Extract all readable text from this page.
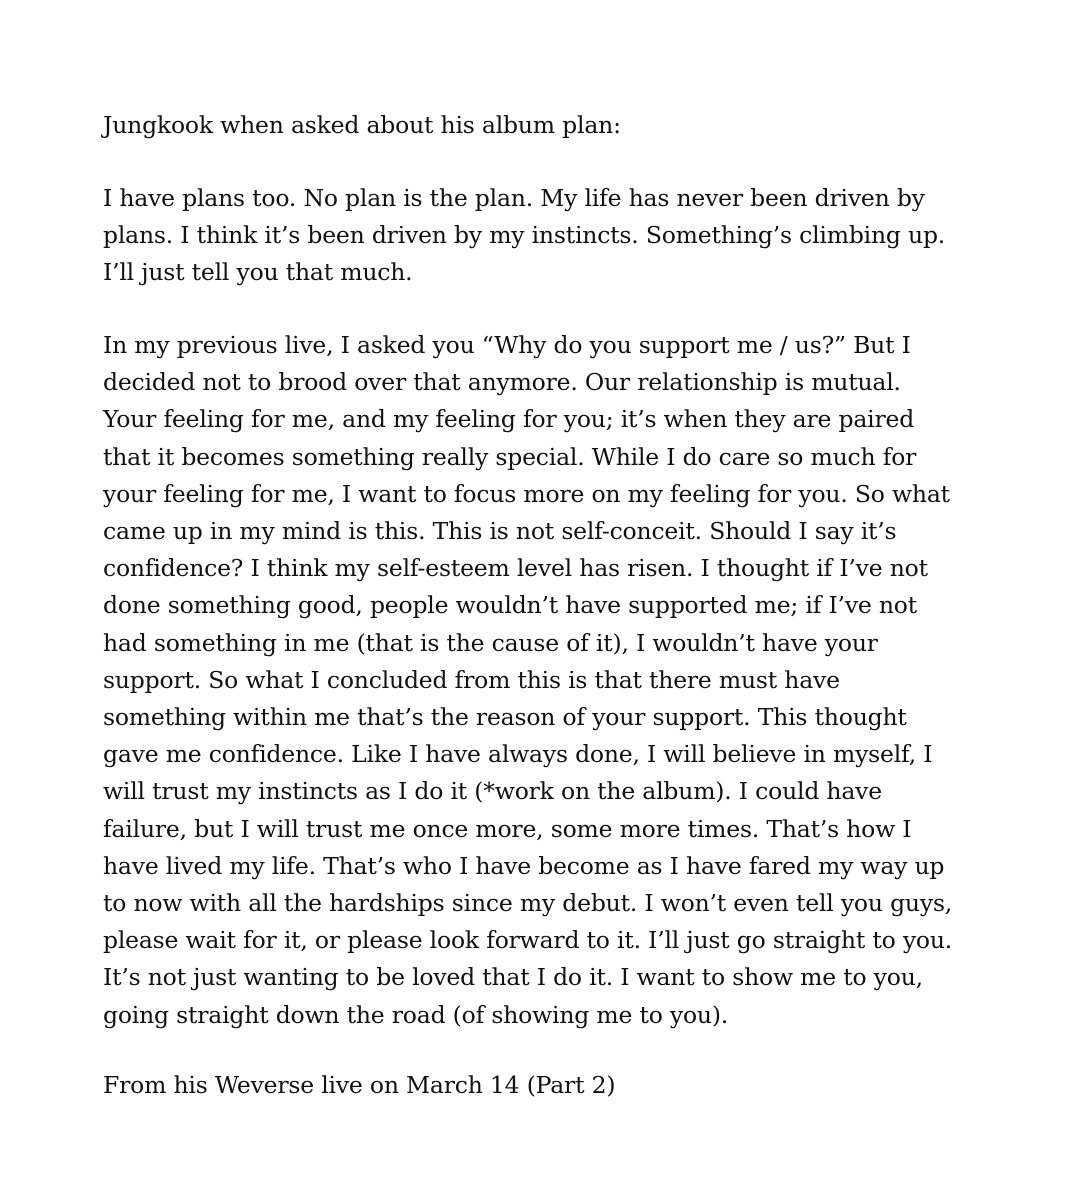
Jungkook when asked about his album plan:
I have plans too. No plan is the plan. My life has never been driven by
plans. I think it’s been driven by my instincts. Something’s climbing up.
I’ll just tell you that much.
In my previous live, I asked you “Why do you support me / us?” But I
decided not to brood over that anymore. Our relationship is mutual.
Your feeling for me, and my feeling for you; it’s when they are paired
that it becomes something really special. While I do care so much for
your feeling for me, I want to focus more on my feeling for you. So what
came up in my mind is this. This is not self-conceit. Should I say it’s
confidence? I think my self-esteem level has risen. I thought if I’ve not
done something good, people wouldn’t have supported me; if I’ve not
had something in me (that is the cause of it), I wouldn’t have your
support. So what I concluded from this is that there must have
something within me that’s the reason of your support. This thought
gave me confidence. Like I have always done, I will believe in myself, I
will trust my instincts as I do it (*work on the album). I could have
failure, but I will trust me once more, some more times. That’s how I
have lived my life. That’s who I have become as I have fared my way up
to now with all the hardships since my debut. I won’t even tell you guys,
please wait for it, or please look forward to it. I’ll just go straight to you.
It’s not just wanting to be loved that I do it. I want to show me to you,
going straight down the road (of showing me to you).
From his Weverse live on March 14 (Part 2)
